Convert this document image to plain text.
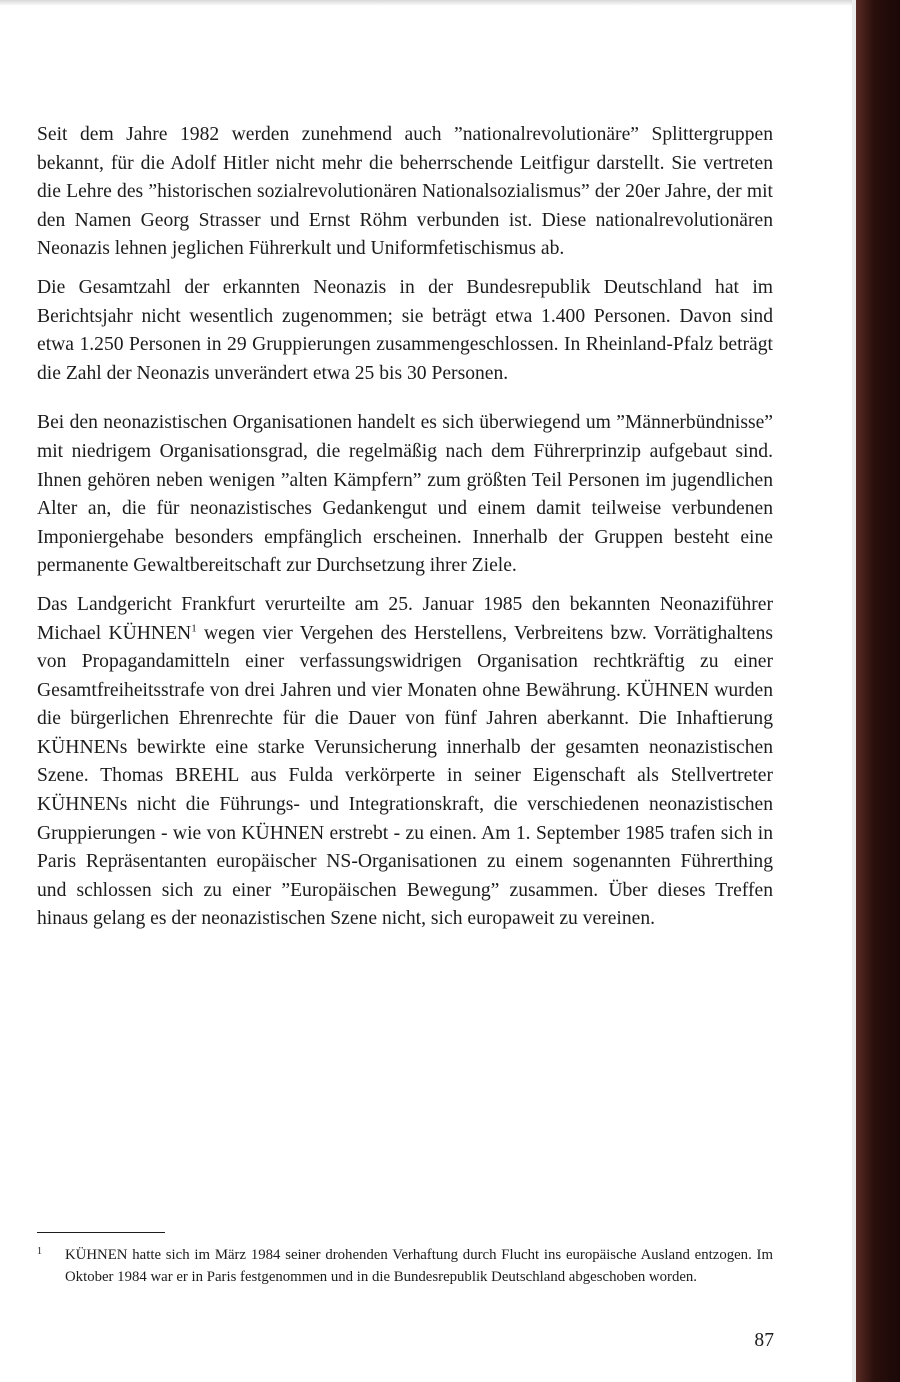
Seit dem Jahre 1982 werden zunehmend auch ”nationalrevolutionäre” Splittergruppen bekannt, für die Adolf Hitler nicht mehr die beherrschende Leitfigur darstellt. Sie vertreten die Lehre des ”historischen sozialrevolutionären Nationalsozialismus” der 20er Jahre, der mit den Namen Georg Strasser und Ernst Röhm verbunden ist. Diese nationalrevolutionären Neonazis lehnen jeglichen Führerkult und Uniformfetischismus ab.

Die Gesamtzahl der erkannten Neonazis in der Bundesrepublik Deutschland hat im Berichtsjahr nicht wesentlich zugenommen; sie beträgt etwa 1.400 Personen. Davon sind etwa 1.250 Personen in 29 Gruppierungen zusammengeschlossen. In Rheinland-Pfalz beträgt die Zahl der Neonazis unverändert etwa 25 bis 30 Personen.

Bei den neonazistischen Organisationen handelt es sich überwiegend um ”Männerbündnisse” mit niedrigem Organisationsgrad, die regelmäßig nach dem Führerprinzip aufgebaut sind. Ihnen gehören neben wenigen ”alten Kämpfern” zum größten Teil Personen im jugendlichen Alter an, die für neonazistisches Gedankengut und einem damit teilweise verbundenen Imponiergehabe besonders empfänglich erscheinen. Innerhalb der Gruppen besteht eine permanente Gewaltbereitschaft zur Durchsetzung ihrer Ziele.

Das Landgericht Frankfurt verurteilte am 25. Januar 1985 den bekannten Neonaziführer Michael KÜHNEN$^1$ wegen vier Vergehen des Herstellens, Verbreitens bzw. Vorrätighaltens von Propagandamitteln einer verfassungswidrigen Organisation rechtkräftig zu einer Gesamtfreiheitsstrafe von drei Jahren und vier Monaten ohne Bewährung. KÜHNEN wurden die bürgerlichen Ehrenrechte für die Dauer von fünf Jahren aberkannt. Die Inhaftierung KÜHNENs bewirkte eine starke Verunsicherung innerhalb der gesamten neonazistischen Szene. Thomas BREHL aus Fulda verkörperte in seiner Eigenschaft als Stellvertreter KÜHNENs nicht die Führungs- und Integrationskraft, die verschiedenen neonazistischen Gruppierungen - wie von KÜHNEN erstrebt - zu einen. Am 1. September 1985 trafen sich in Paris Repräsentanten europäischer NS-Organisationen zu einem sogenannten Führerthing und schlossen sich zu einer ”Europäischen Bewegung” zusammen. Über dieses Treffen hinaus gelang es der neonazistischen Szene nicht, sich europaweit zu vereinen.

1 KÜHNEN hatte sich im März 1984 seiner drohenden Verhaftung durch Flucht ins europäische Ausland entzogen. Im Oktober 1984 war er in Paris festgenommen und in die Bundesrepublik Deutschland abgeschoben worden.
87
